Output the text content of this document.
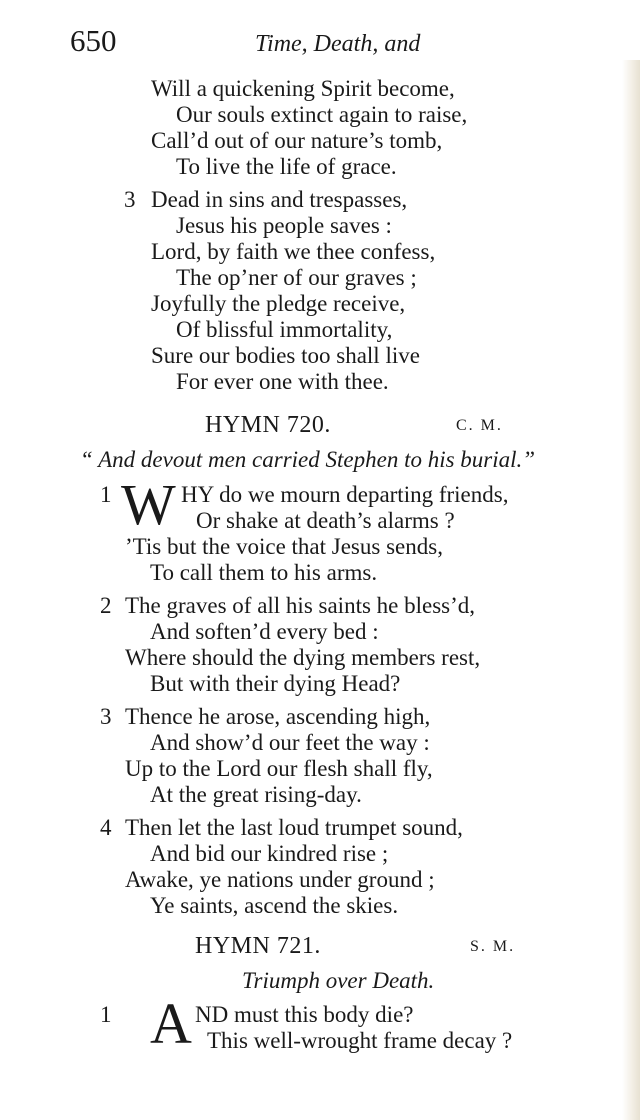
650	Time, Death, and
Will a quickening Spirit become,
Our souls extinct again to raise,
Call’d out of our nature’s tomb,
To live the life of grace.
3 Dead in sins and trespasses,
Jesus his people saves :
Lord, by faith we thee confess,
The op’ner of our graves ;
Joyfully the pledge receive,
Of blissful immortality,
Sure our bodies too shall live
For ever one with thee.
HYMN 720.	C. M.
“ And devout men carried Stephen to his burial.”
1 W HY do we mourn departing friends,
Or shake at death’s alarms ?
’Tis but the voice that Jesus sends,
To call them to his arms.
2 The graves of all his saints he bless’d,
And soften’d every bed :
Where should the dying members rest,
But with their dying Head?
3 Thence he arose, ascending high,
And show’d our feet the way :
Up to the Lord our flesh shall fly,
At the great rising-day.
4 Then let the last loud trumpet sound,
And bid our kindred rise ;
Awake, ye nations under ground ;
Ye saints, ascend the skies.
HYMN 721.	S. M.
Triumph over Death.
1 A ND must this body die?
This well-wrought frame decay ?
